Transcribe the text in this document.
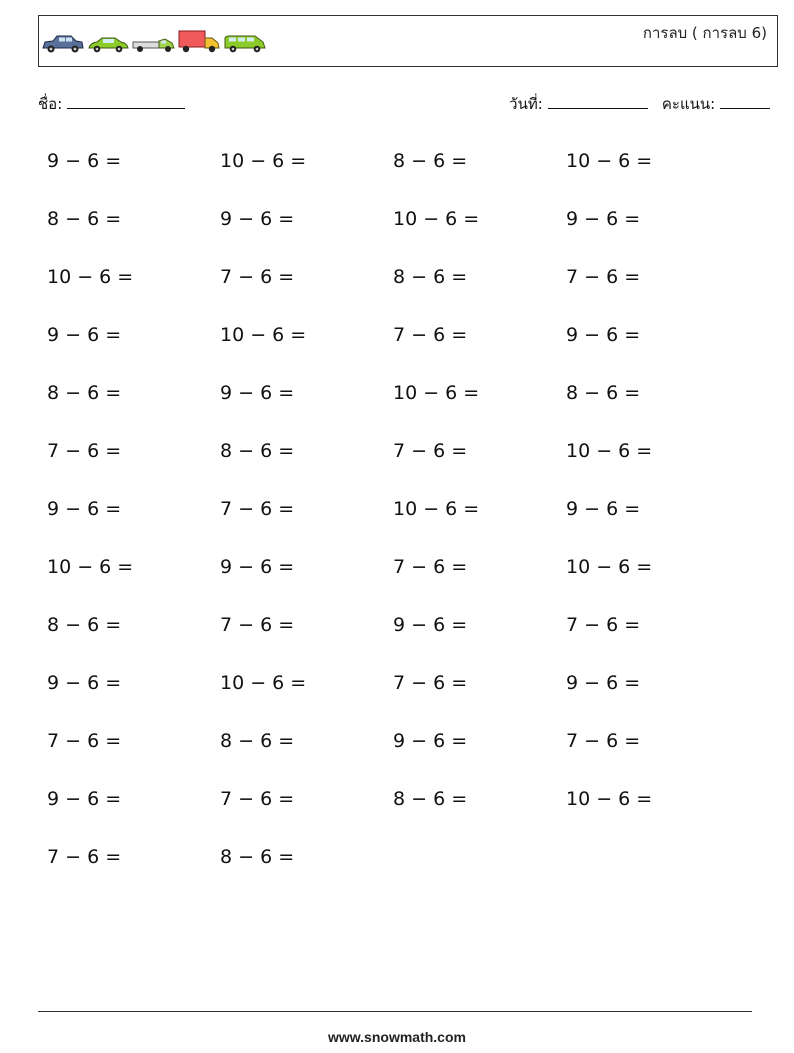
การลบ ( การลบ 6)
ชื่อ:	วันที่:	คะแนน:
9 − 6 =	10 − 6 =	8 − 6 =	10 − 6 =
8 − 6 =	9 − 6 =	10 − 6 =	9 − 6 =
10 − 6 =	7 − 6 =	8 − 6 =	7 − 6 =
9 − 6 =	10 − 6 =	7 − 6 =	9 − 6 =
8 − 6 =	9 − 6 =	10 − 6 =	8 − 6 =
7 − 6 =	8 − 6 =	7 − 6 =	10 − 6 =
9 − 6 =	7 − 6 =	10 − 6 =	9 − 6 =
10 − 6 =	9 − 6 =	7 − 6 =	10 − 6 =
8 − 6 =	7 − 6 =	9 − 6 =	7 − 6 =
9 − 6 =	10 − 6 =	7 − 6 =	9 − 6 =
7 − 6 =	8 − 6 =	9 − 6 =	7 − 6 =
9 − 6 =	7 − 6 =	8 − 6 =	10 − 6 =
7 − 6 =	8 − 6 =
www.snowmath.com
